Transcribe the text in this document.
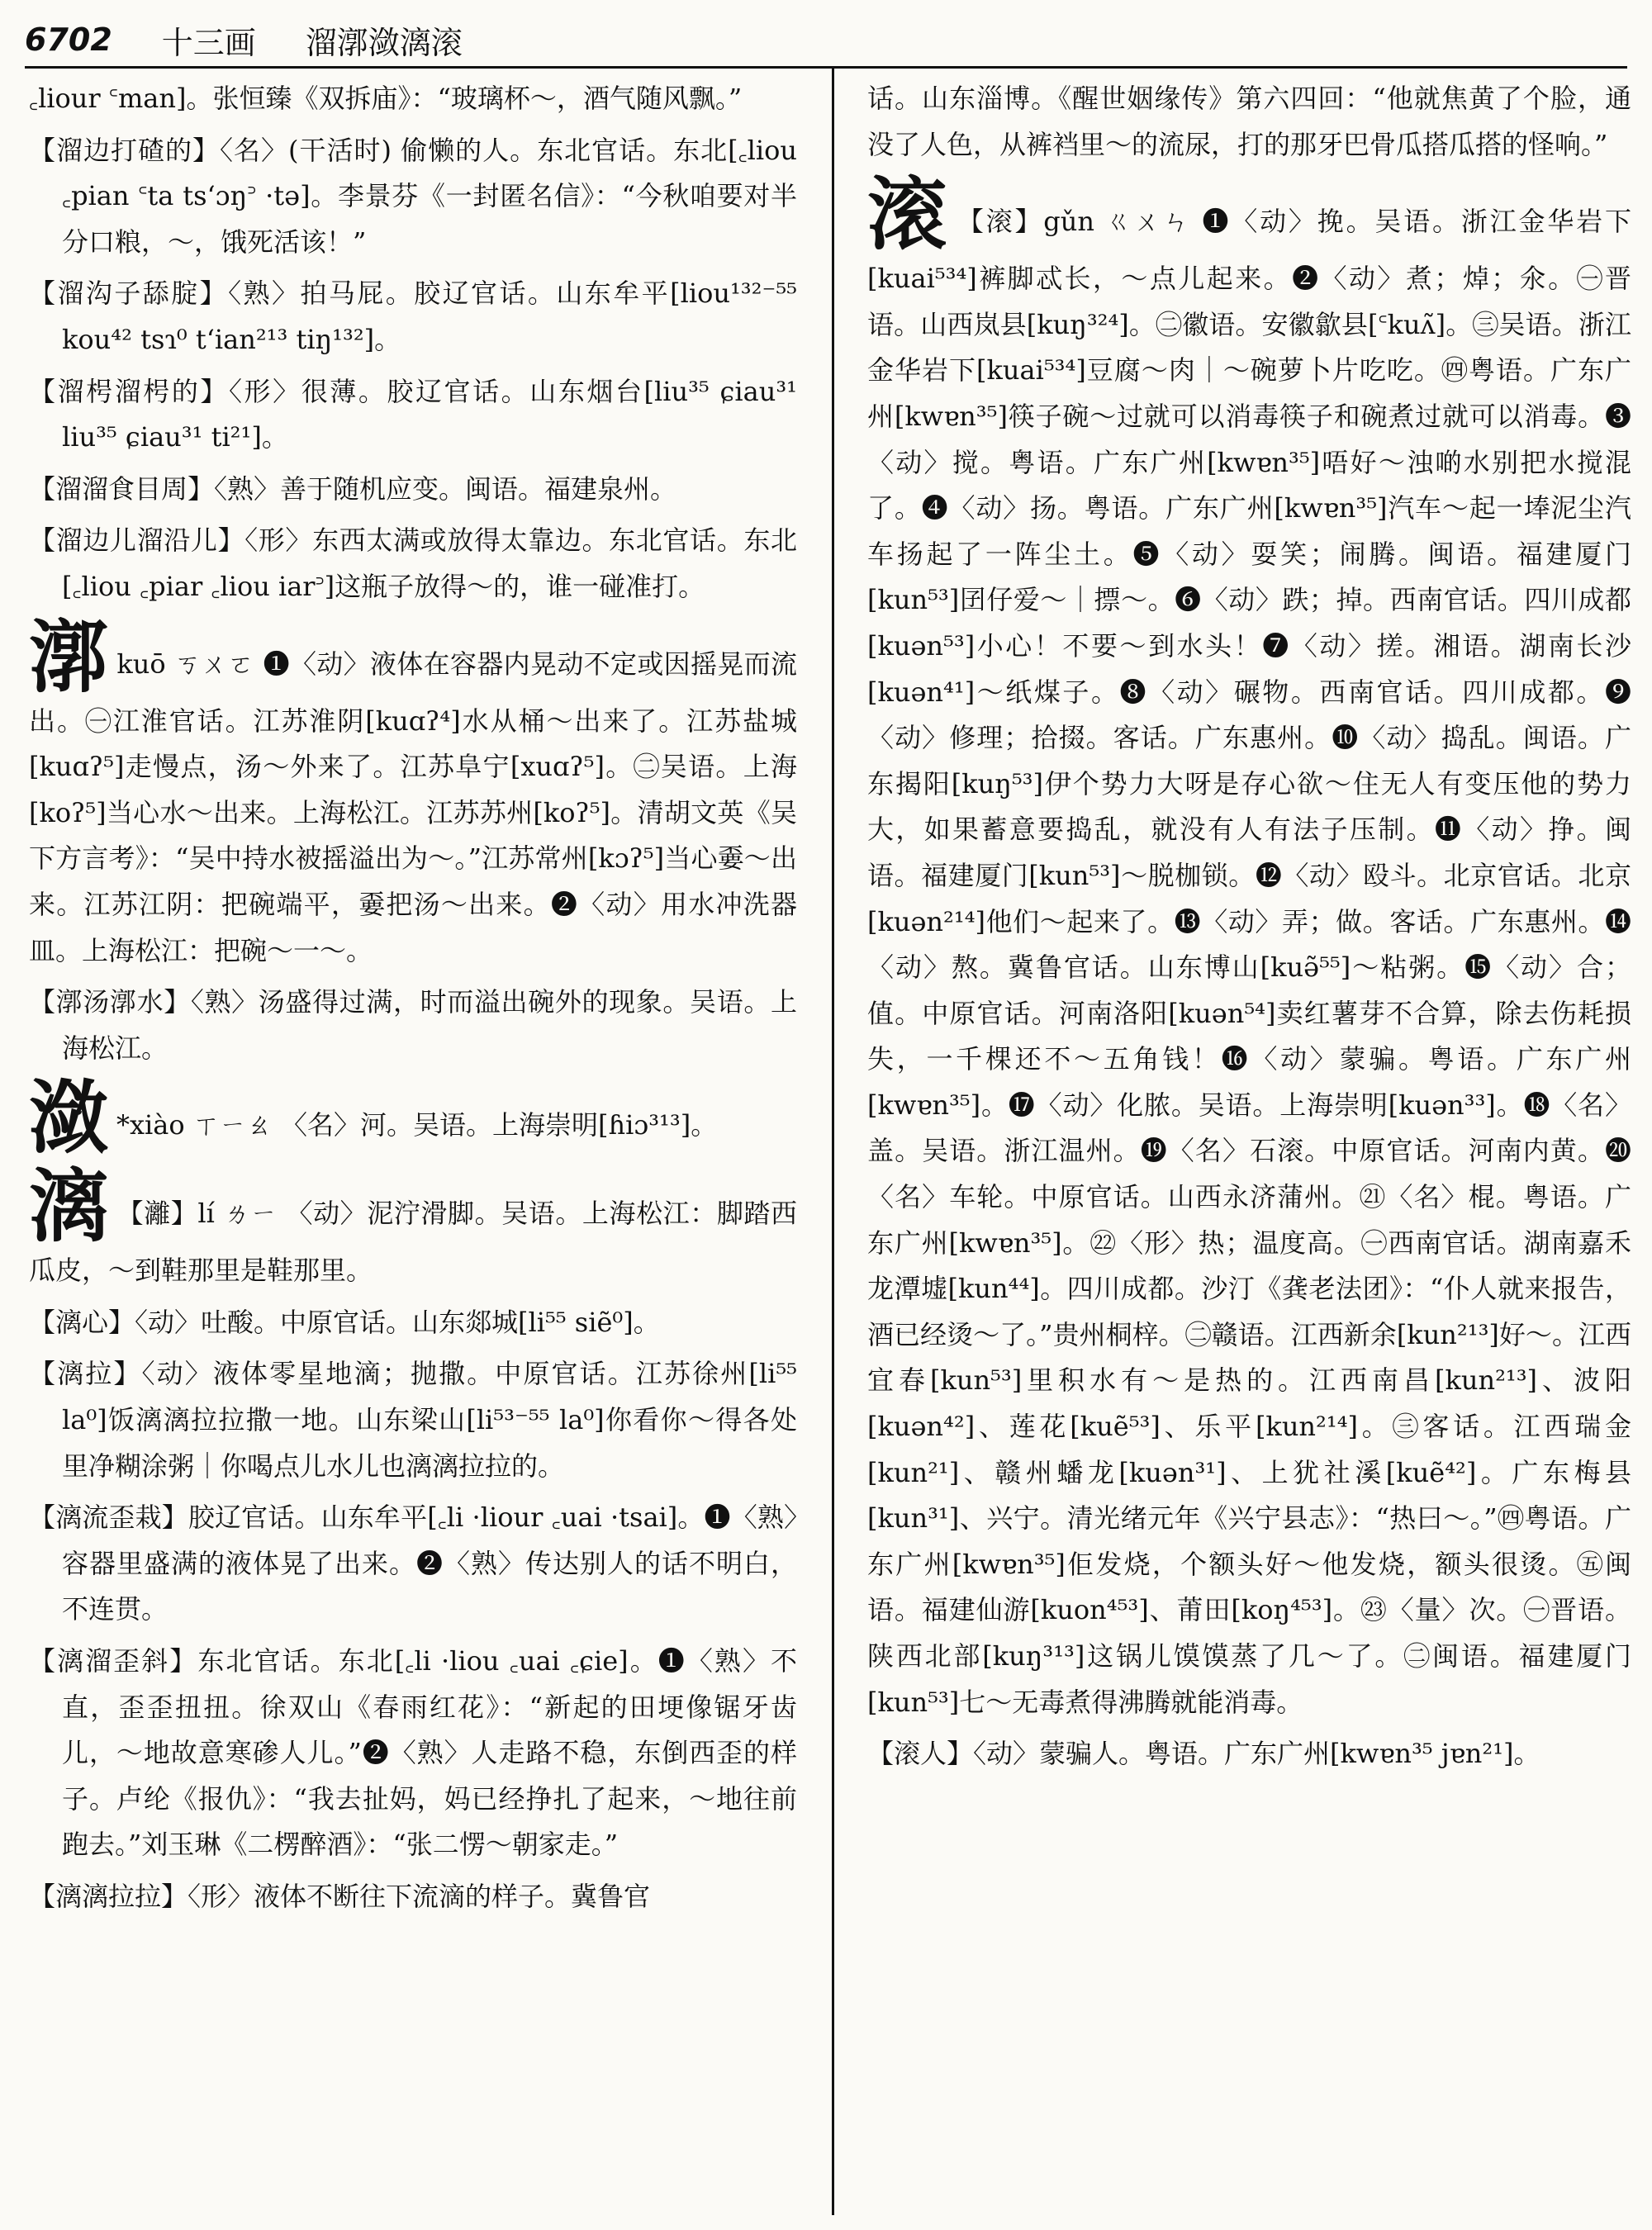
6702 十三画 溜漷潋漓滚

꜀liour ꜂man]。张恒臻《双拆庙》：“玻璃杯～，酒气随风飘。”

【溜边打碴的】〈名〉(干活时) 偷懒的人。东北官话。东北[꜀liou ꜀pian ꜂ta ts‘ɔŋ꜄ ·tə]。李景芬《一封匿名信》：“今秋咱要对半分口粮，～，饿死活该！”

【溜沟子舔腚】〈熟〉拍马屁。胶辽官话。山东牟平[liou¹³²⁻⁵⁵ kou⁴² tsɿ⁰ t‘ian²¹³ tiŋ¹³²]。

【溜枵溜枵的】〈形〉很薄。胶辽官话。山东烟台[liu³⁵ ɕiau³¹ liu³⁵ ɕiau³¹ ti²¹]。

【溜溜食目周】〈熟〉善于随机应变。闽语。福建泉州。

【溜边儿溜沿儿】〈形〉东西太满或放得太靠边。东北官话。东北[꜀liou ꜀piar ꜀liou iar꜄]这瓶子放得～的，谁一碰准打。

漷kuō ㄎㄨㄛ ❶〈动〉液体在容器内晃动不定或因摇晃而流出。㊀江淮官话。江苏淮阴[kuɑʔ⁴]水从桶～出来了。江苏盐城[kuɑʔ⁵]走慢点，汤～外来了。江苏阜宁[xuɑʔ⁵]。㊁吴语。上海[koʔ⁵]当心水～出来。上海松江。江苏苏州[koʔ⁵]。清胡文英《吴下方言考》：“吴中持水被摇溢出为～。”江苏常州[kɔʔ⁵]当心嫑～出来。江苏江阴：把碗端平，嫑把汤～出来。❷〈动〉用水冲洗器皿。上海松江：把碗～一～。

【漷汤漷水】〈熟〉汤盛得过满，时而溢出碗外的现象。吴语。上海松江。

潋 *xiào ㄒㄧㄠ 〈名〉河。吴语。上海崇明[ɦiɔ³¹³]。

漓 【灕】lí ㄌㄧ 〈动〉泥泞滑脚。吴语。上海松江：脚踏西瓜皮，～到鞋那里是鞋那里。

【漓心】〈动〉吐酸。中原官话。山东郯城[li⁵⁵ siẽ⁰]。

【漓拉】〈动〉液体零星地滴；抛撒。中原官话。江苏徐州[li⁵⁵ la⁰]饭漓漓拉拉撒一地。山东梁山[li⁵³⁻⁵⁵ la⁰]你看你～得各处里净糊涂粥｜你喝点儿水儿也漓漓拉拉的。

【漓流歪栽】胶辽官话。山东牟平[꜀li ·liour ꜀uai ·tsai]。❶〈熟〉容器里盛满的液体晃了出来。❷〈熟〉传达别人的话不明白，不连贯。

【漓溜歪斜】东北官话。东北[꜀li ·liou ꜀uai ꜀ɕie]。❶〈熟〉不直，歪歪扭扭。徐双山《春雨红花》：“新起的田埂像锯牙齿儿，～地故意寒碜人儿。”❷〈熟〉人走路不稳，东倒西歪的样子。卢纶《报仇》：“我去扯妈，妈已经挣扎了起来，～地往前跑去。”刘玉琳《二楞醉酒》：“张二愣～朝家走。”

【漓漓拉拉】〈形〉液体不断往下流滴的样子。冀鲁官

话。山东淄博。《醒世姻缘传》第六四回：“他就焦黄了个脸，通没了人色，从裤裆里～的流尿，打的那牙巴骨瓜搭瓜搭的怪响。”

滚 【滚】gǔn ㄍㄨㄣ ❶〈动〉挽。吴语。浙江金华岩下[kuai⁵³⁴]裤脚忒长，～点儿起来。❷〈动〉煮；焯；氽。㊀晋语。山西岚县[kuŋ³²⁴]。㊁徽语。安徽歙县[꜂kuʌ̃]。㊂吴语。浙江金华岩下[kuai⁵³⁴]豆腐～肉｜～碗萝卜片吃吃。㊃粤语。广东广州[kwɐn³⁵]筷子碗～过就可以消毒筷子和碗煮过就可以消毒。❸〈动〉搅。粤语。广东广州[kwɐn³⁵]唔好～浊啲水别把水搅混了。❹〈动〉扬。粤语。广东广州[kwɐn³⁵]汽车～起一埲泥尘汽车扬起了一阵尘土。❺〈动〉耍笑；闹腾。闽语。福建厦门[kun⁵³]囝仔爱～｜摽～。❻〈动〉跌；掉。西南官话。四川成都[kuən⁵³]小心！不要～到水头！❼〈动〉搓。湘语。湖南长沙[kuən⁴¹]～纸煤子。❽〈动〉碾物。西南官话。四川成都。❾〈动〉修理；拾掇。客话。广东惠州。❿〈动〉捣乱。闽语。广东揭阳[kuŋ⁵³]伊个势力大呀是存心欲～住无人有变压他的势力大，如果蓄意要捣乱，就没有人有法子压制。⓫〈动〉挣。闽语。福建厦门[kun⁵³]～脱枷锁。⓬〈动〉殴斗。北京官话。北京[kuən²¹⁴]他们～起来了。⓭〈动〉弄；做。客话。广东惠州。⓮〈动〉熬。冀鲁官话。山东博山[kuə̃⁵⁵]～粘粥。⓯〈动〉合；值。中原官话。河南洛阳[kuən⁵⁴]卖红薯芽不合算，除去伤耗损失，一千棵还不～五角钱！⓰〈动〉蒙骗。粤语。广东广州[kwɐn³⁵]。⓱〈动〉化脓。吴语。上海崇明[kuən³³]。⓲〈名〉盖。吴语。浙江温州。⓳〈名〉石滚。中原官话。河南内黄。⓴〈名〉车轮。中原官话。山西永济蒲州。㉑〈名〉棍。粤语。广东广州[kwɐn³⁵]。㉒〈形〉热；温度高。㊀西南官话。湖南嘉禾龙潭墟[kun⁴⁴]。四川成都。沙汀《龚老法团》：“仆人就来报告，酒已经烫～了。”贵州桐梓。㊁赣语。江西新余[kun²¹³]好～。江西宜春[kun⁵³]里积水有～是热的。江西南昌[kun²¹³]、波阳[kuən⁴²]、莲花[kuẽ⁵³]、乐平[kun²¹⁴]。㊂客话。江西瑞金[kun²¹]、赣州蟠龙[kuən³¹]、上犹社溪[kuẽ⁴²]。广东梅县[kun³¹]、兴宁。清光绪元年《兴宁县志》：“热曰～。”㊃粤语。广东广州[kwɐn³⁵]佢发烧，个额头好～他发烧，额头很烫。㊄闽语。福建仙游[kuon⁴⁵³]、莆田[koŋ⁴⁵³]。㉓〈量〉次。㊀晋语。陕西北部[kuŋ³¹³]这锅儿馍馍蒸了几～了。㊁闽语。福建厦门[kun⁵³]七～无毒煮得沸腾就能消毒。

【滚人】〈动〉蒙骗人。粤语。广东广州[kwɐn³⁵ jɐn²¹]。
